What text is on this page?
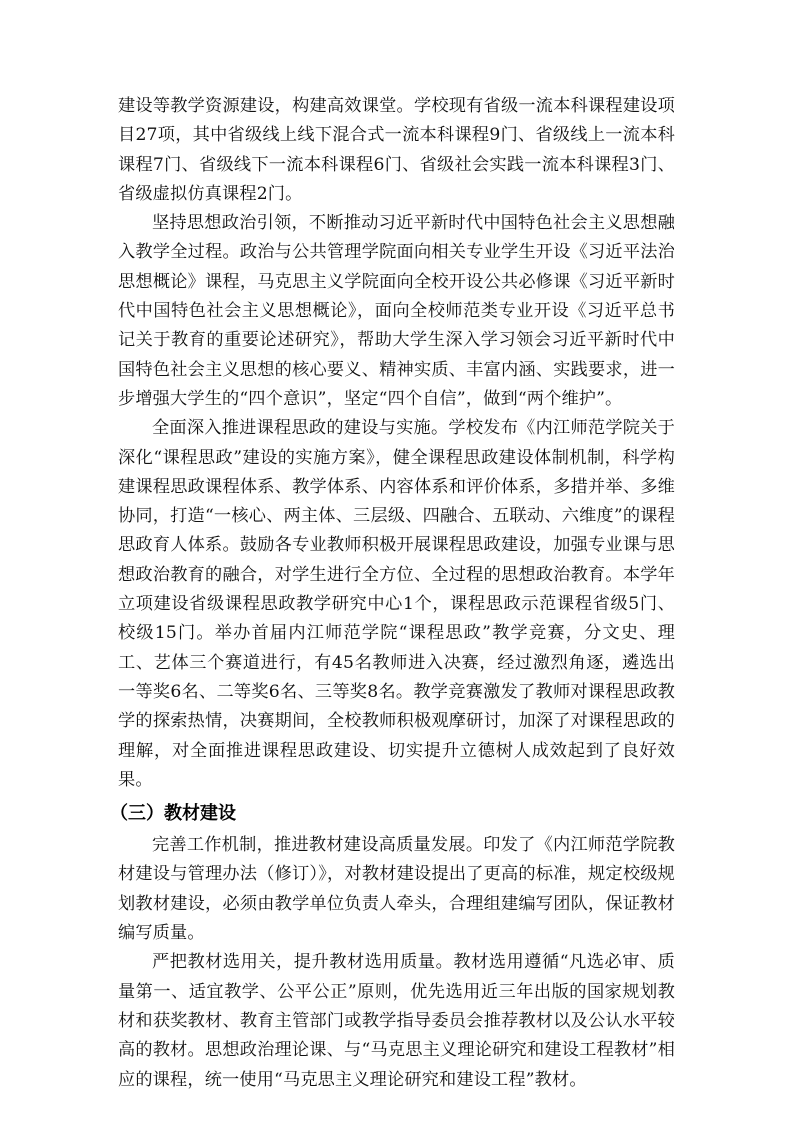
建设等教学资源建设，构建高效课堂。学校现有省级一流本科课程建设项目27项，其中省级线上线下混合式一流本科课程9门、省级线上一流本科课程7门、省级线下一流本科课程6门、省级社会实践一流本科课程3门、省级虚拟仿真课程2门。

坚持思想政治引领，不断推动习近平新时代中国特色社会主义思想融入教学全过程。政治与公共管理学院面向相关专业学生开设《习近平法治思想概论》课程，马克思主义学院面向全校开设公共必修课《习近平新时代中国特色社会主义思想概论》，面向全校师范类专业开设《习近平总书记关于教育的重要论述研究》，帮助大学生深入学习领会习近平新时代中国特色社会主义思想的核心要义、精神实质、丰富内涵、实践要求，进一步增强大学生的“四个意识”，坚定“四个自信”，做到“两个维护”。

全面深入推进课程思政的建设与实施。学校发布《内江师范学院关于深化“课程思政”建设的实施方案》，健全课程思政建设体制机制，科学构建课程思政课程体系、教学体系、内容体系和评价体系，多措并举、多维协同，打造“一核心、两主体、三层级、四融合、五联动、六维度”的课程思政育人体系。鼓励各专业教师积极开展课程思政建设，加强专业课与思想政治教育的融合，对学生进行全方位、全过程的思想政治教育。本学年立项建设省级课程思政教学研究中心1个，课程思政示范课程省级5门、校级15门。举办首届内江师范学院“课程思政”教学竞赛，分文史、理工、艺体三个赛道进行，有45名教师进入决赛，经过激烈角逐，遴选出一等奖6名、二等奖6名、三等奖8名。教学竞赛激发了教师对课程思政教学的探索热情，决赛期间，全校教师积极观摩研讨，加深了对课程思政的理解，对全面推进课程思政建设、切实提升立德树人成效起到了良好效果。

（三）教材建设

完善工作机制，推进教材建设高质量发展。印发了《内江师范学院教材建设与管理办法（修订）》，对教材建设提出了更高的标准，规定校级规划教材建设，必须由教学单位负责人牵头，合理组建编写团队，保证教材编写质量。

严把教材选用关，提升教材选用质量。教材选用遵循“凡选必审、质量第一、适宜教学、公平公正”原则，优先选用近三年出版的国家规划教材和获奖教材、教育主管部门或教学指导委员会推荐教材以及公认水平较高的教材。思想政治理论课、与“马克思主义理论研究和建设工程教材”相应的课程，统一使用“马克思主义理论研究和建设工程”教材。
